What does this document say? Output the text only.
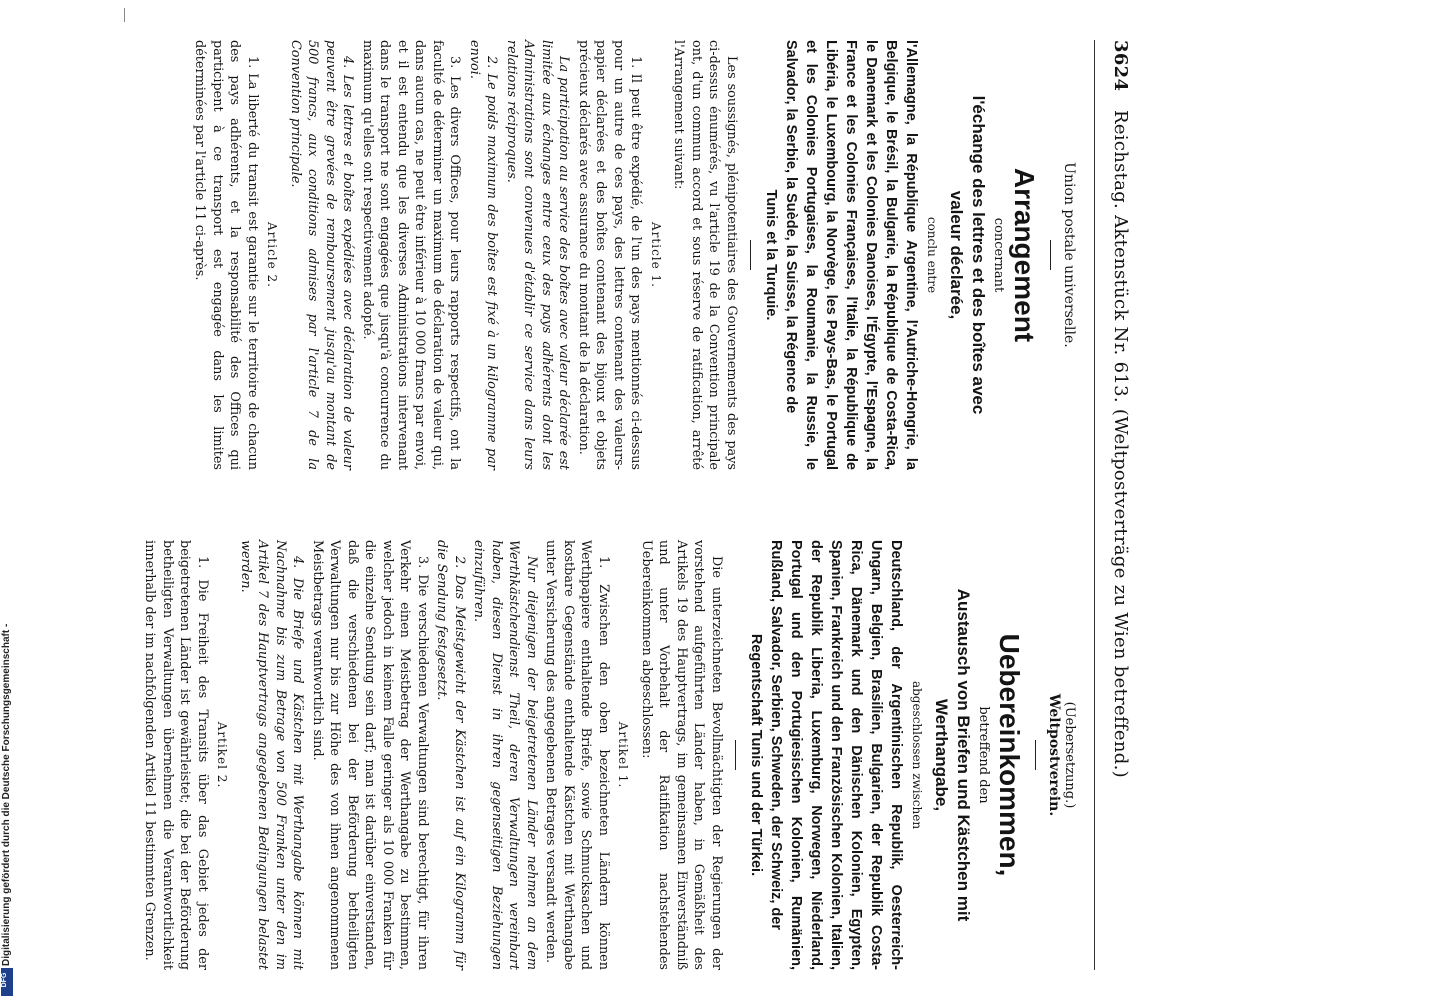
3624
Reichstag. Aktenstück Nr. 613. (Weltpostverträge zu Wien betreffend.)
Union postale universelle.
Arrangement
concernant
l'échange des lettres et des boîtes avec
valeur déclarée,
conclu entre
l'Allemagne, la République Argentine, l'Autriche-Hongrie, la Belgique, le Brésil, la Bulgarie, la République de Costa-Rica, le Danemark et les Colonies Danoises, l'Égypte, l'Espagne, la France et les Colonies Françaises, l'Italie, la République de Libéria, le Luxembourg, la Norvège, les Pays-Bas, le Portugal et les Colonies Portugaises, la Roumanie, la Russie, le Salvador, la Serbie, la Suède, la Suisse, la Régence de
Tunis et la Turquie.

Les soussignés, plénipotentiaires des Gouvernements des pays ci-dessus énumérés, vu l'article 19 de la Convention principale ont, d'un commun accord et sous réserve de ratification, arrêté l'Arrangement suivant:

Article 1.

1. Il peut être expédié, de l'un des pays mentionnés ci-dessus pour un autre de ces pays, des lettres contenant des valeurs-papier déclarées et des boîtes contenant des bijoux et objets précieux déclarés avec assurance du montant de la déclaration.

La participation au service des boîtes avec valeur déclarée est limitée aux échanges entre ceux des pays adhérents dont les Administrations sont convenues d'établir ce service dans leurs relations réciproques.

2. Le poids maximum des boîtes est fixé à un kilogramme par envoi.

3. Les divers Offices, pour leurs rapports respectifs, ont la faculté de déterminer un maximum de déclaration de valeur qui, dans aucun cas, ne peut être inférieur à 10 000 francs par envoi, et il est entendu que les diverses Administrations intervenant dans le transport ne sont engagées que jusqu'à concurrence du maximum qu'elles ont respectivement adopté.

4. Les lettres et boîtes expédiées avec déclaration de valeur peuvent être grevées de remboursement jusqu'au montant de 500 francs, aux conditions admises par l'article 7 de la Convention principale.

Article 2.

1. La liberté du transit est garantie sur le territoire de chacun des pays adhérents, et la responsabilité des Offices qui participent à ce transport est engagée dans les limites déterminées par l'article 11 ci-après.

(Uebersetzung.)
Weltpostverein.
Uebereinkommen,
betreffend den
Austausch von Briefen und Kästchen mit
Werthangabe,
abgeschlossen zwischen
Deutschland, der Argentinischen Republik, Oesterreich-Ungarn, Belgien, Brasilien, Bulgarien, der Republik Costa-Rica, Dänemark und den Dänischen Kolonien, Egypten, Spanien, Frankreich und den Französischen Kolonien, Italien, der Republik Liberia, Luxemburg, Norwegen, Niederland, Portugal und den Portugiesischen Kolonien, Rumänien, Rußland, Salvador, Serbien, Schweden, der Schweiz, der
Regentschaft Tunis und der Türkei.

Die unterzeichneten Bevollmächtigten der Regierungen der vorstehend aufgeführten Länder haben, in Gemäßheit des Artikels 19 des Hauptvertrags, im gemeinsamen Einverständniß und unter Vorbehalt der Ratifikation nachstehendes Uebereinkommen abgeschlossen:

Artikel 1.

1. Zwischen den oben bezeichneten Ländern können Werthpapiere enthaltende Briefe, sowie Schmucksachen und kostbare Gegenstände enthaltende Kästchen mit Werthangabe unter Versicherung des angegebenen Betrages versandt werden.

Nur diejenigen der beigetretenen Länder nehmen an dem Werthkästchendienst Theil, deren Verwaltungen vereinbart haben, diesen Dienst in ihren gegenseitigen Beziehungen einzuführen.

2. Das Meistgewicht der Kästchen ist auf ein Kilogramm für die Sendung festgesetzt.

3. Die verschiedenen Verwaltungen sind berechtigt, für ihren Verkehr einen Meistbetrag der Werthangabe zu bestimmen, welcher jedoch in keinem Falle geringer als 10 000 Franken für die einzelne Sendung sein darf; man ist darüber einverstanden, daß die verschiedenen bei der Beförderung betheiligten Verwaltungen nur bis zur Höhe des von ihnen angenommenen Meistbetrags verantwortlich sind.

4. Die Briefe und Kästchen mit Werthangabe können mit Nachnahme bis zum Betrage von 500 Franken unter den im Artikel 7 des Hauptvertrags angegebenen Bedingungen belastet werden.

Artikel 2.

1. Die Freiheit des Transits über das Gebiet jedes der beigetretenen Länder ist gewährleistet; die bei der Beförderung betheiligten Verwaltungen übernehmen die Verantwortlichkeit innerhalb der im nachfolgenden Artikel 11 bestimmten Grenzen.

Digitalisierung gefördert durch die Deutsche Forschungsgemeinschaft -
DFG
